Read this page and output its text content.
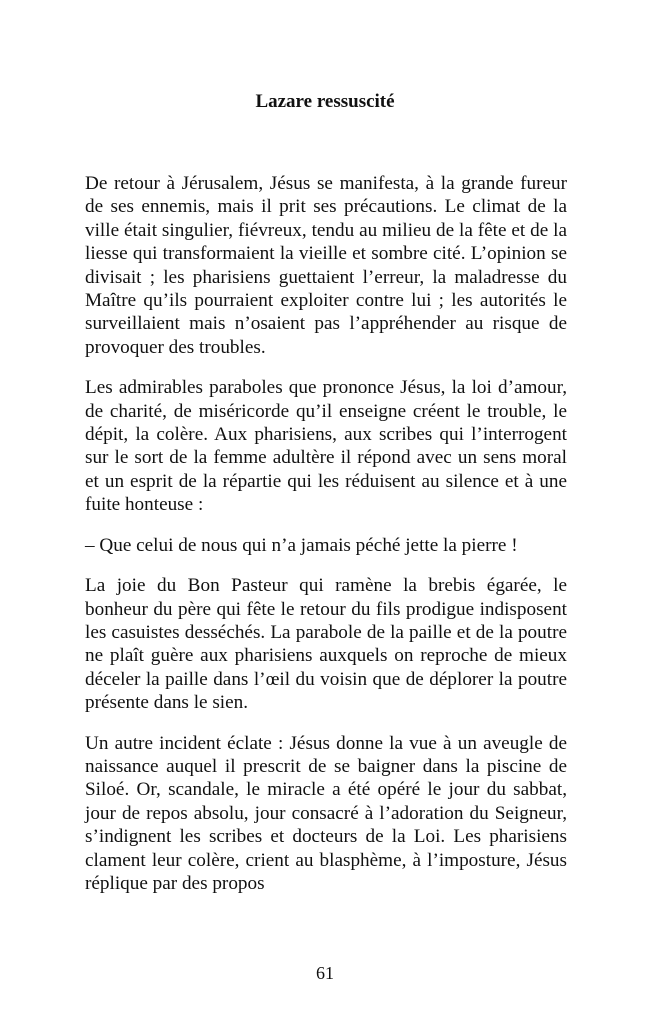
Lazare ressuscité

De retour à Jérusalem, Jésus se manifesta, à la grande fureur de ses ennemis, mais il prit ses précautions. Le climat de la ville était singulier, fiévreux, tendu au milieu de la fête et de la liesse qui transformaient la vieille et sombre cité. L’opinion se divisait ; les pharisiens guettaient l’erreur, la maladresse du Maître qu’ils pourraient exploiter contre lui ; les autorités le surveillaient mais n’osaient pas l’appréhender au risque de provoquer des troubles.

Les admirables paraboles que prononce Jésus, la loi d’amour, de charité, de miséricorde qu’il enseigne créent le trouble, le dépit, la colère. Aux pharisiens, aux scribes qui l’interrogent sur le sort de la femme adultère il répond avec un sens moral et un esprit de la répartie qui les réduisent au silence et à une fuite honteuse :

– Que celui de nous qui n’a jamais péché jette la pierre !

La joie du Bon Pasteur qui ramène la brebis égarée, le bonheur du père qui fête le retour du fils prodigue indisposent les casuistes desséchés. La parabole de la paille et de la poutre ne plaît guère aux pharisiens auxquels on reproche de mieux déceler la paille dans l’œil du voisin que de déplorer la poutre présente dans le sien.

Un autre incident éclate : Jésus donne la vue à un aveugle de naissance auquel il prescrit de se baigner dans la piscine de Siloé. Or, scandale, le miracle a été opéré le jour du sabbat, jour de repos absolu, jour consacré à l’adoration du Seigneur, s’indignent les scribes et docteurs de la Loi. Les pharisiens clament leur colère, crient au blasphème, à l’imposture, Jésus réplique par des propos

61
